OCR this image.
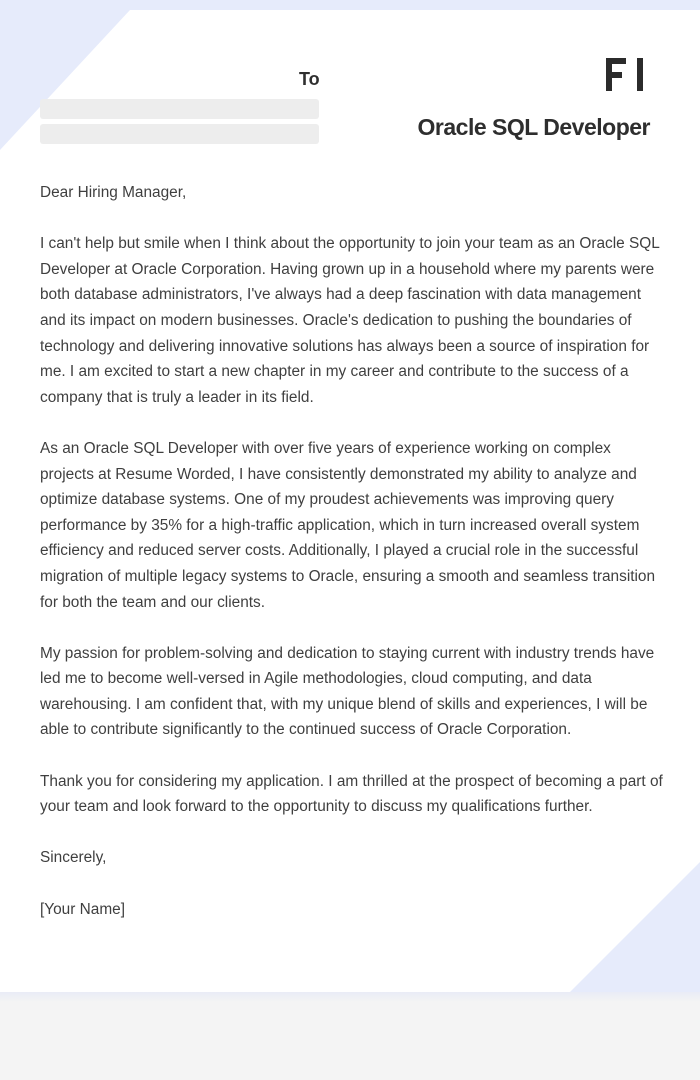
To
Oracle SQL Developer

Dear Hiring Manager,

I can't help but smile when I think about the opportunity to join your team as an Oracle SQL Developer at Oracle Corporation. Having grown up in a household where my parents were both database administrators, I've always had a deep fascination with data management and its impact on modern businesses. Oracle's dedication to pushing the boundaries of technology and delivering innovative solutions has always been a source of inspiration for me. I am excited to start a new chapter in my career and contribute to the success of a company that is truly a leader in its field.

As an Oracle SQL Developer with over five years of experience working on complex projects at Resume Worded, I have consistently demonstrated my ability to analyze and optimize database systems. One of my proudest achievements was improving query performance by 35% for a high-traffic application, which in turn increased overall system efficiency and reduced server costs. Additionally, I played a crucial role in the successful migration of multiple legacy systems to Oracle, ensuring a smooth and seamless transition for both the team and our clients.

My passion for problem-solving and dedication to staying current with industry trends have led me to become well-versed in Agile methodologies, cloud computing, and data warehousing. I am confident that, with my unique blend of skills and experiences, I will be able to contribute significantly to the continued success of Oracle Corporation.

Thank you for considering my application. I am thrilled at the prospect of becoming a part of your team and look forward to the opportunity to discuss my qualifications further.

Sincerely,

[Your Name]
